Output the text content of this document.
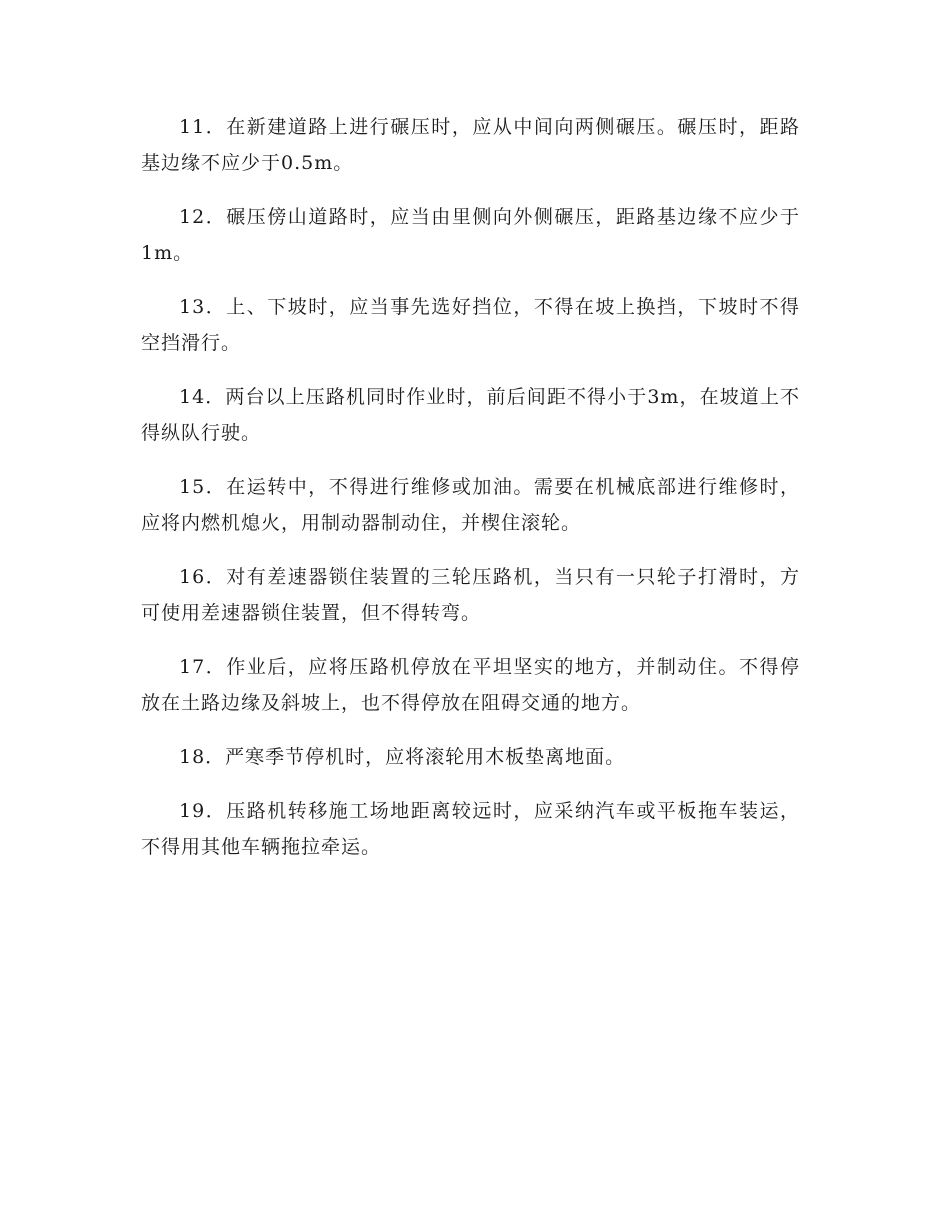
11．在新建道路上进行碾压时，应从中间向两侧碾压。碾压时，距路基边缘不应少于0.5m。

12．碾压傍山道路时，应当由里侧向外侧碾压，距路基边缘不应少于1m。

13．上、下坡时，应当事先选好挡位，不得在坡上换挡，下坡时不得空挡滑行。

14．两台以上压路机同时作业时，前后间距不得小于3m，在坡道上不得纵队行驶。

15．在运转中，不得进行维修或加油。需要在机械底部进行维修时，应将内燃机熄火，用制动器制动住，并楔住滚轮。

16．对有差速器锁住装置的三轮压路机，当只有一只轮子打滑时，方可使用差速器锁住装置，但不得转弯。

17．作业后，应将压路机停放在平坦坚实的地方，并制动住。不得停放在土路边缘及斜坡上，也不得停放在阻碍交通的地方。

18．严寒季节停机时，应将滚轮用木板垫离地面。

19．压路机转移施工场地距离较远时，应采纳汽车或平板拖车装运，不得用其他车辆拖拉牵运。
